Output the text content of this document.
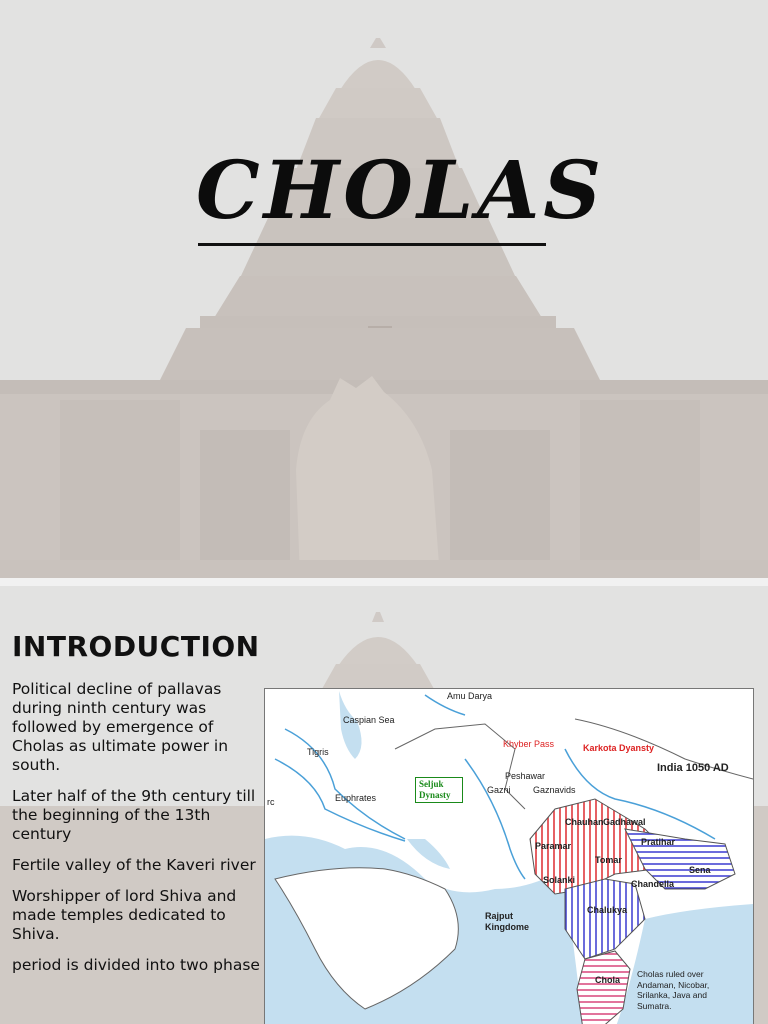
CHOLAS
INTRODUCTION

Political decline of pallavas during ninth century was followed by emergence of Cholas as ultimate power in south.

Later half of the 9th century till the beginning of the 13th century

Fertile valley of the Kaveri river

Worshipper of lord Shiva and made temples dedicated to Shiva.

period is divided into two phase

Amu Darya
Caspian Sea
Tigris
Euphrates
rc
Khyber Pass
Peshawar
Gazni Gaznavids
Karkota Dyansty
India 1050 AD
Chauhan Gadhawal
Paramar	Pratihar
Tomar
Sena
Solanki	Chandella
Chalukya
Chola
Rajput Kingdome
Seljuk Dynasty
Cholas ruled over Andaman, Nicobar, Srilanka, Java and Sumatra.
